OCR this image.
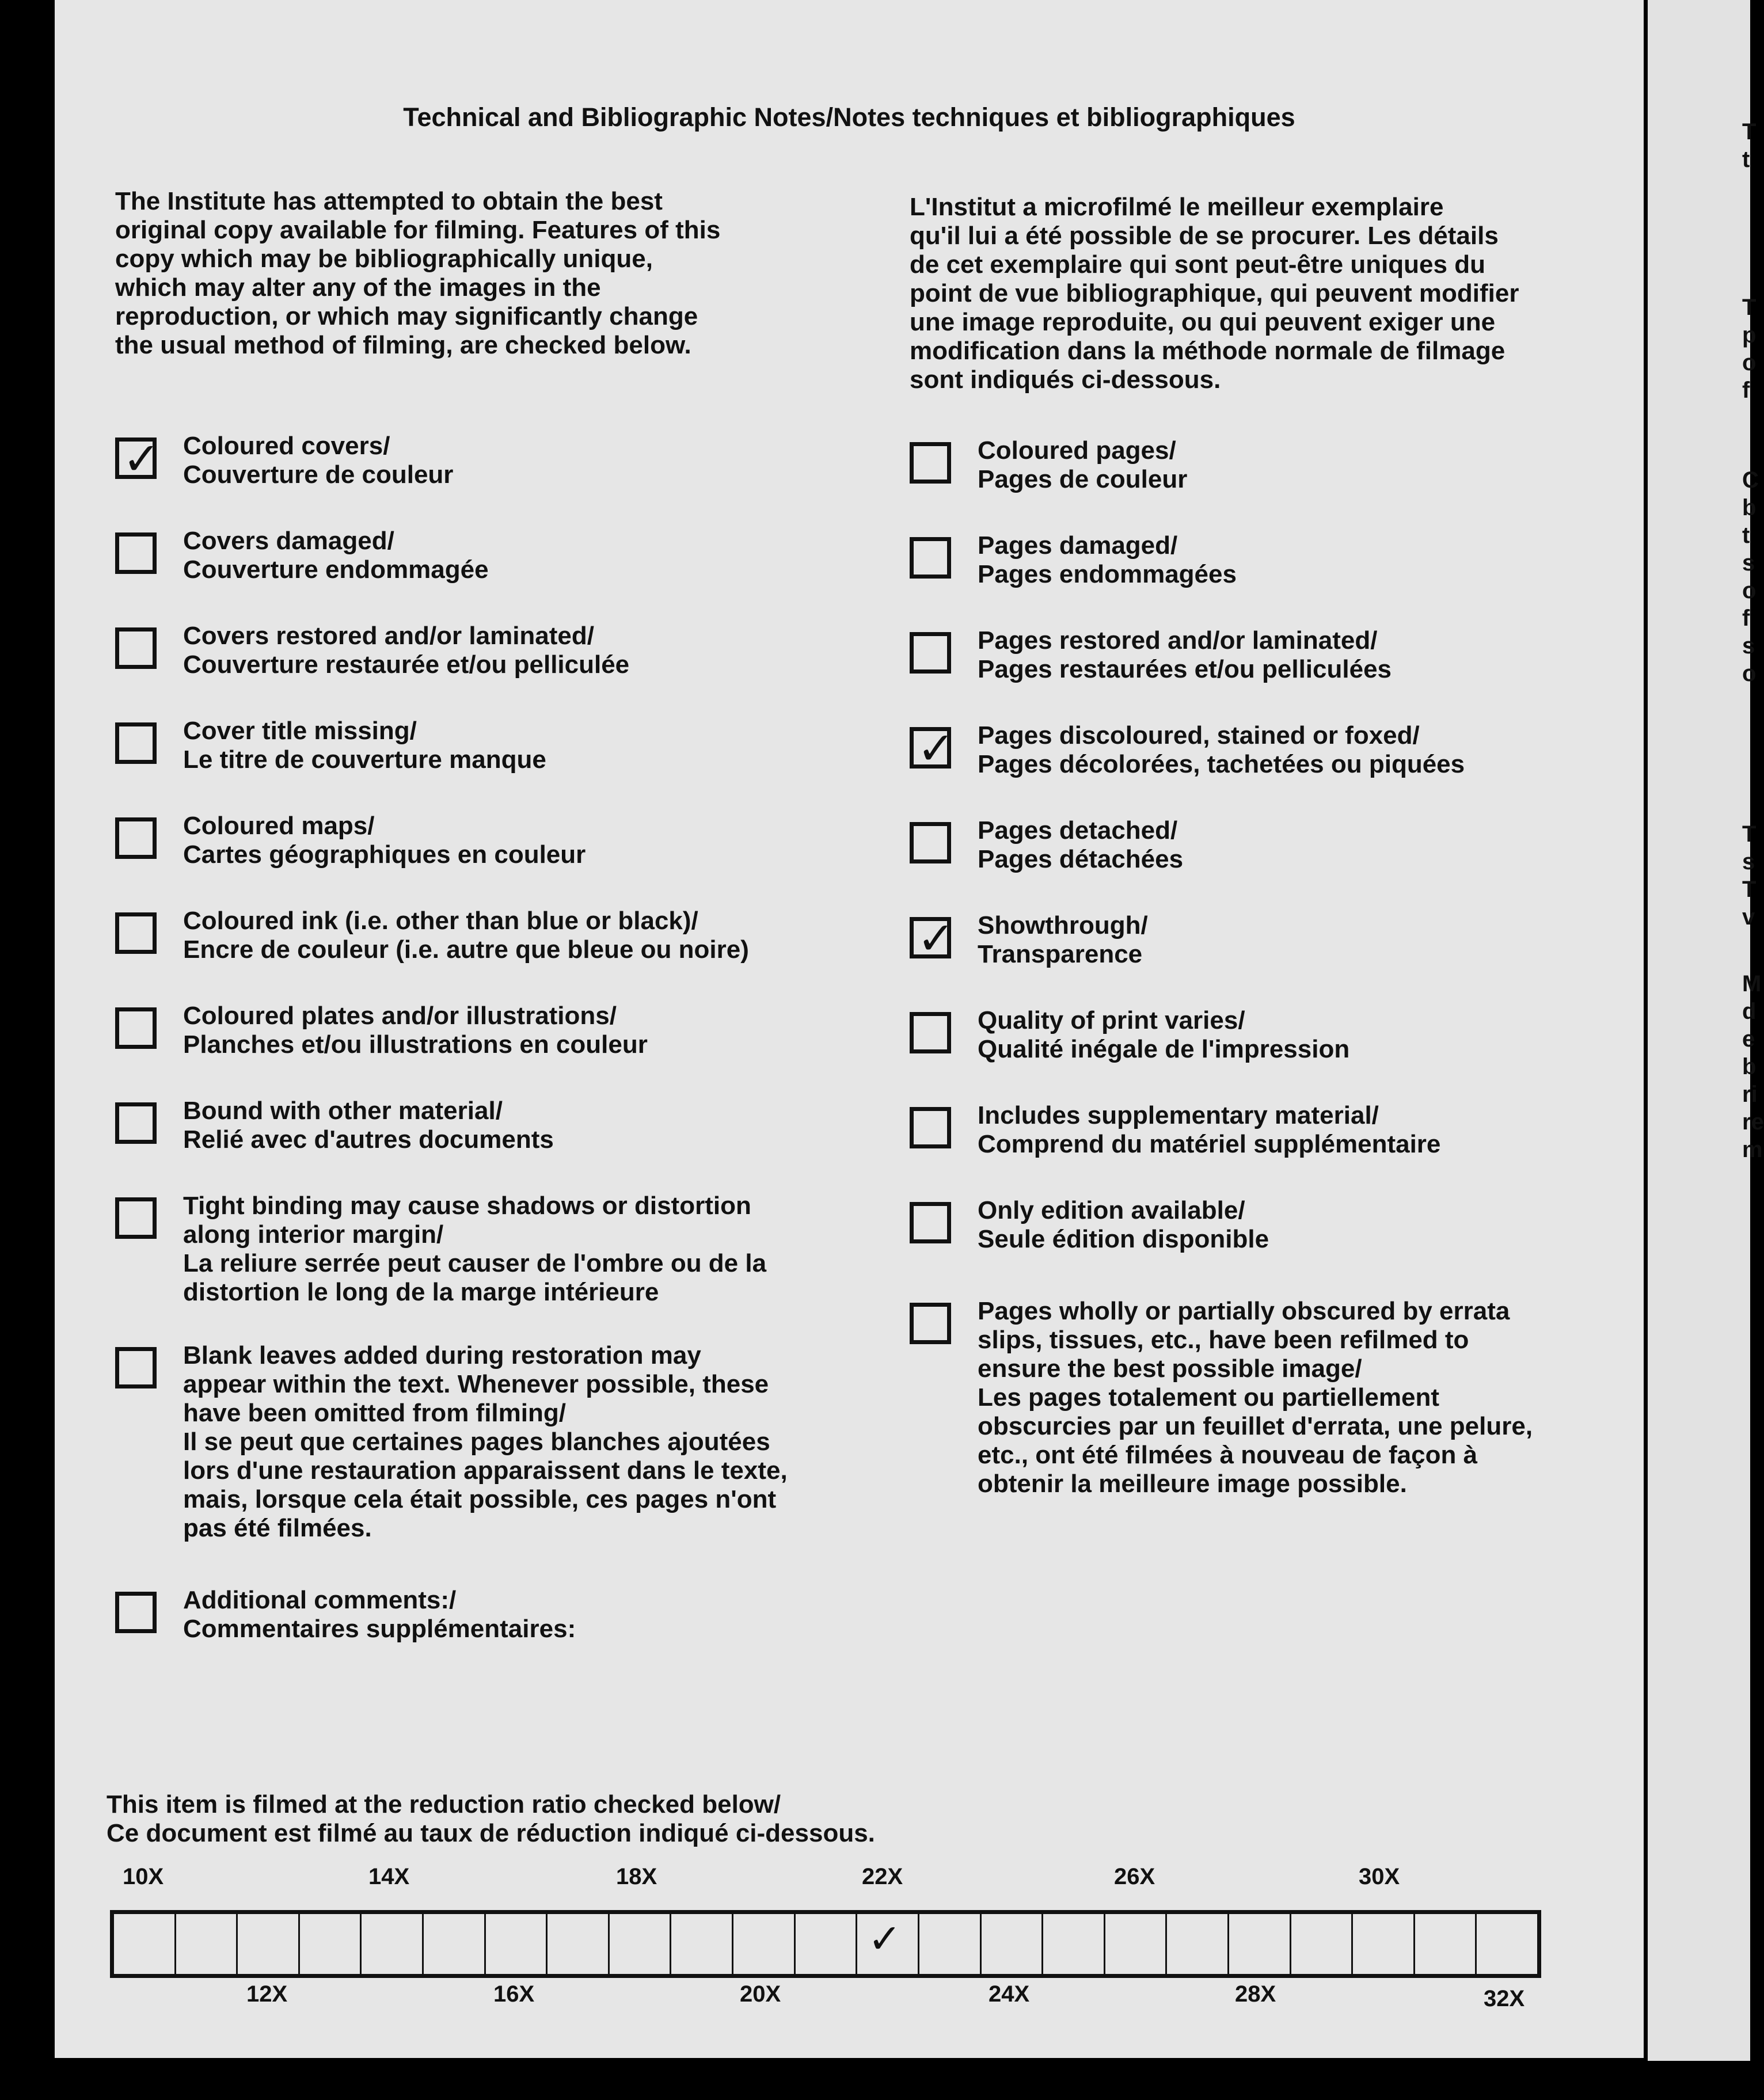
Technical and Bibliographic Notes/Notes techniques et bibliographiques
The Institute has attempted to obtain the best
original copy available for filming. Features of this
copy which may be bibliographically unique,
which may alter any of the images in the
reproduction, or which may significantly change
the usual method of filming, are checked below.
L'Institut a microfilmé le meilleur exemplaire
qu'il lui a été possible de se procurer. Les détails
de cet exemplaire qui sont peut-être uniques du
point de vue bibliographique, qui peuvent modifier
une image reproduite, ou qui peuvent exiger une
modification dans la méthode normale de filmage
sont indiqués ci-dessous.
✓ Coloured covers/
Couverture de couleur
Covers damaged/
Couverture endommagée
Covers restored and/or laminated/
Couverture restaurée et/ou pelliculée
Cover title missing/
Le titre de couverture manque
Coloured maps/
Cartes géographiques en couleur
Coloured ink (i.e. other than blue or black)/
Encre de couleur (i.e. autre que bleue ou noire)
Coloured plates and/or illustrations/
Planches et/ou illustrations en couleur
Bound with other material/
Relié avec d'autres documents
Tight binding may cause shadows or distortion
along interior margin/
La reliure serrée peut causer de l'ombre ou de la
distortion le long de la marge intérieure
Blank leaves added during restoration may
appear within the text. Whenever possible, these
have been omitted from filming/
Il se peut que certaines pages blanches ajoutées
lors d'une restauration apparaissent dans le texte,
mais, lorsque cela était possible, ces pages n'ont
pas été filmées.
Additional comments:/
Commentaires supplémentaires:
Coloured pages/
Pages de couleur
Pages damaged/
Pages endommagées
Pages restored and/or laminated/
Pages restaurées et/ou pelliculées
✓ Pages discoloured, stained or foxed/
Pages décolorées, tachetées ou piquées
Pages detached/
Pages détachées
✓ Showthrough/
Transparence
Quality of print varies/
Qualité inégale de l'impression
Includes supplementary material/
Comprend du matériel supplémentaire
Only edition available/
Seule édition disponible
Pages wholly or partially obscured by errata
slips, tissues, etc., have been refilmed to
ensure the best possible image/
Les pages totalement ou partiellement
obscurcies par un feuillet d'errata, une pelure,
etc., ont été filmées à nouveau de façon à
obtenir la meilleure image possible.
This item is filmed at the reduction ratio checked below/
Ce document est filmé au taux de réduction indiqué ci-dessous.
10X	14X	18X	22X	26X	30X
✓
12X	16X	20X	24X	28X	32X
T
t
T
p
o
f
C
b
t
s
o
f
s
o
T
s
T
v
M
d
e
b
ri
re
m
